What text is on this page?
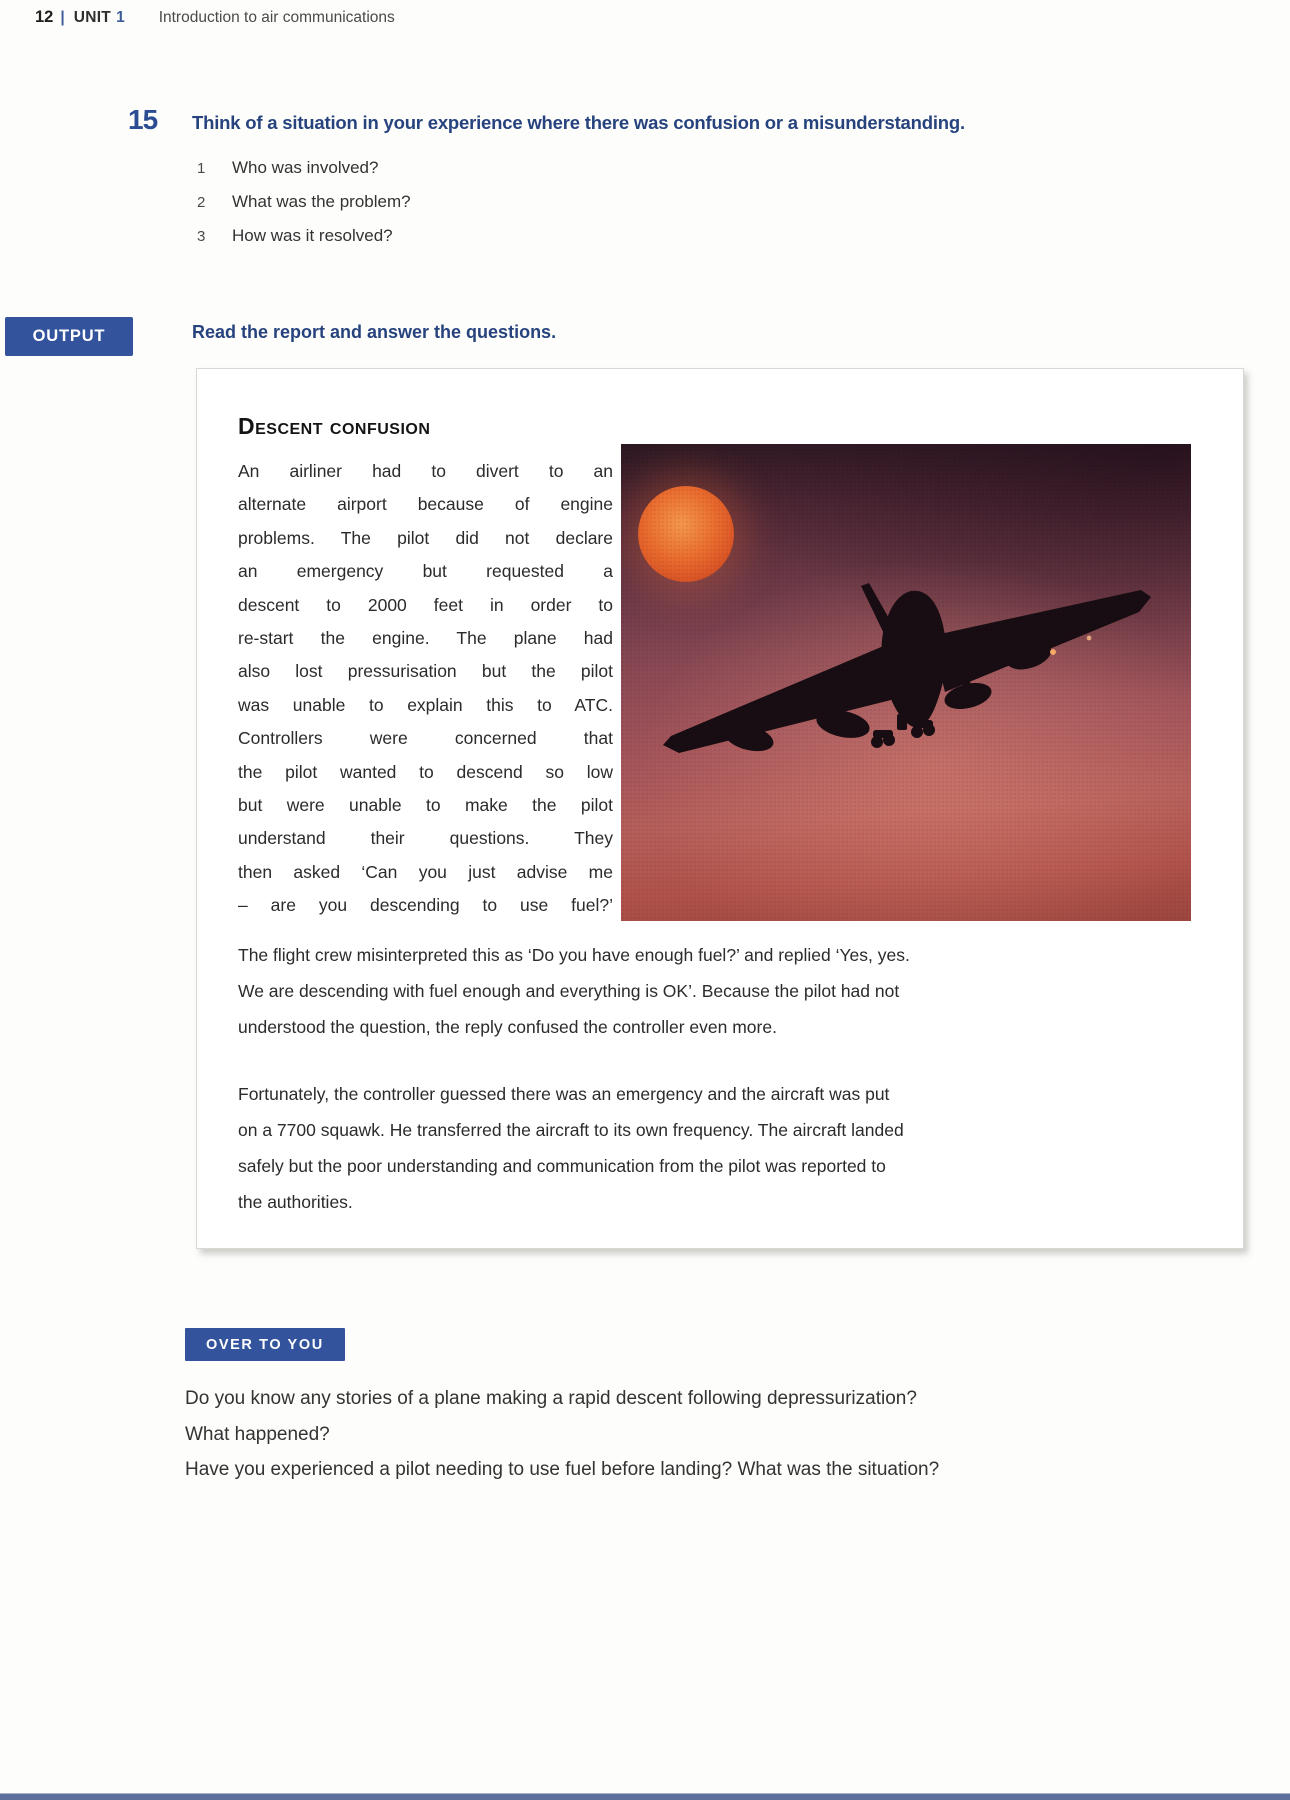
12 | UNIT 1 Introduction to air communications
15 Think of a situation in your experience where there was confusion or a misunderstanding.
1 Who was involved?
2 What was the problem?
3 How was it resolved?
OUTPUT	Read the report and answer the questions.
Descent confusion
An airliner had to divert to an
alternate airport because of engine
problems. The pilot did not declare
an emergency but requested a
descent to 2000 feet in order to
re-start the engine. The plane had
also lost pressurisation but the pilot
was unable to explain this to ATC.
Controllers were concerned that
the pilot wanted to descend so low
but were unable to make the pilot
understand their questions. They
then asked ‘Can you just advise me
– are you descending to use fuel?’
The flight crew misinterpreted this as ‘Do you have enough fuel?’ and replied ‘Yes, yes.
We are descending with fuel enough and everything is OK’. Because the pilot had not
understood the question, the reply confused the controller even more.
Fortunately, the controller guessed there was an emergency and the aircraft was put
on a 7700 squawk. He transferred the aircraft to its own frequency. The aircraft landed
safely but the poor understanding and communication from the pilot was reported to
the authorities.
OVER TO YOU
Do you know any stories of a plane making a rapid descent following depressurization?
What happened?
Have you experienced a pilot needing to use fuel before landing? What was the situation?
